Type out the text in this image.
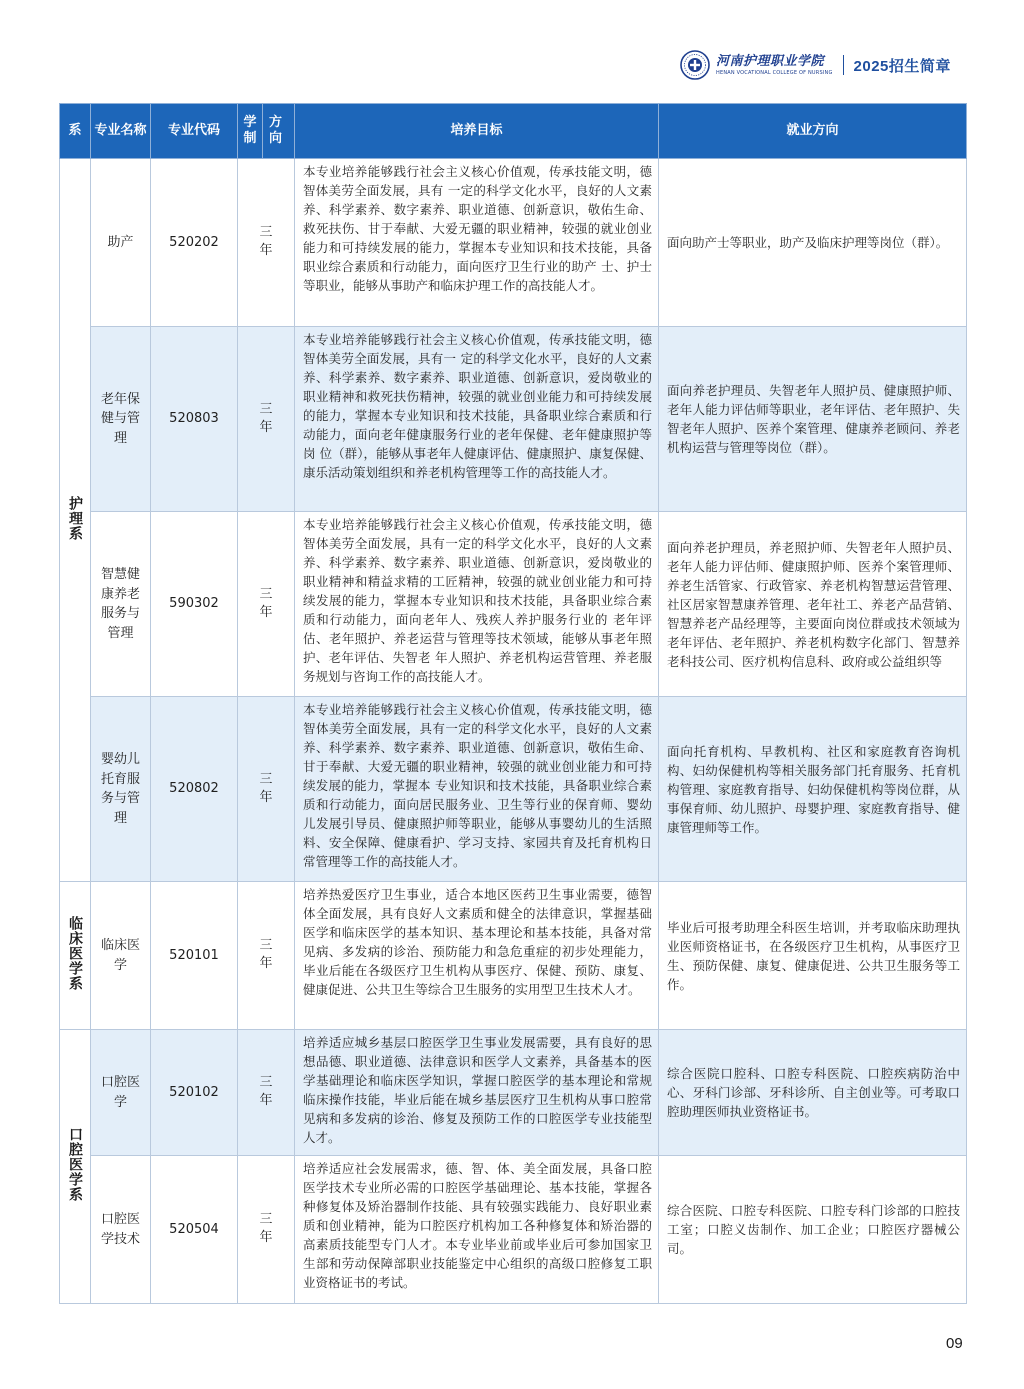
河南护理职业学院
HENAN VOCATIONAL COLLEGE OF NURSING 2025招生简章
系	专业名称	专业代码	学制	方向	培养目标	就业方向
护理系	助产	520202	三年		本专业培养能够践行社会主义核心价值观，传承技能文明，德智体美劳全面发展，具有 一定的科学文化水平，良好的人文素养、科学素养、数字素养、职业道德、创新意识，敬佑生命、救死扶伤、甘于奉献、大爱无疆的职业精神，较强的就业创业能力和可持续发展的能力，掌握本专业知识和技术技能，具备职业综合素质和行动能力，面向医疗卫生行业的助产 士、护士等职业，能够从事助产和临床护理工作的高技能人才。	面向助产士等职业，助产及临床护理等岗位（群）。
	老年保健与管理	520803	三年		本专业培养能够践行社会主义核心价值观，传承技能文明，德智体美劳全面发展，具有一 定的科学文化水平，良好的人文素养、科学素养、数字素养、职业道德、创新意识，爱岗敬业的职业精神和救死扶伤精神，较强的就业创业能力和可持续发展的能力，掌握本专业知识和技术技能，具备职业综合素质和行动能力，面向老年健康服务行业的老年保健、老年健康照护等岗 位（群），能够从事老年人健康评估、健康照护、康复保健、康乐活动策划组织和养老机构管理等工作的高技能人才。	面向养老护理员、失智老年人照护员、健康照护师、老年人能力评估师等职业，老年评估、老年照护、失智老年人照护、医养个案管理、健康养老顾问、养老机构运营与管理等岗位（群）。
	智慧健康养老服务与管理	590302	三年		本专业培养能够践行社会主义核心价值观，传承技能文明，德智体美劳全面发展，具有一定的科学文化水平，良好的人文素养、科学素养、数字素养、职业道德、创新意识，爱岗敬业的职业精神和精益求精的工匠精神，较强的就业创业能力和可持续发展的能力，掌握本专业知识和技术技能，具备职业综合素质和行动能力，面向老年人、残疾人养护服务行业的 老年评估、老年照护、养老运营与管理等技术领域，能够从事老年照护、老年评估、失智老 年人照护、养老机构运营管理、养老服务规划与咨询工作的高技能人才。	面向养老护理员，养老照护师、失智老年人照护员、老年人能力评估师、健康照护师、医养个案管理师、养老生活管家、行政管家、养老机构智慧运营管理、社区居家智慧康养管理、老年社工、养老产品营销、智慧养老产品经理等，主要面向岗位群或技术领域为老年评估、老年照护、养老机构数字化部门、智慧养老科技公司、医疗机构信息科、政府或公益组织等
	婴幼儿托育服务与管理	520802	三年		本专业培养能够践行社会主义核心价值观，传承技能文明，德智体美劳全面发展，具有一定的科学文化水平，良好的人文素养、科学素养、数字素养、职业道德、创新意识，敬佑生命、甘于奉献、大爱无疆的职业精神，较强的就业创业能力和可持续发展的能力，掌握本 专业知识和技术技能，具备职业综合素质和行动能力，面向居民服务业、卫生等行业的保育师、婴幼儿发展引导员、健康照护师等职业，能够从事婴幼儿的生活照料、安全保障、健康看护、学习支持、家园共育及托育机构日常管理等工作的高技能人才。	面向托育机构、早教机构、社区和家庭教育咨询机构、妇幼保健机构等相关服务部门托育服务、托育机构管理、家庭教育指导、妇幼保健机构等岗位群，从事保育师、幼儿照护、母婴护理、家庭教育指导、健康管理师等工作。
临床医学系	临床医学	520101	三年		培养热爱医疗卫生事业，适合本地区医药卫生事业需要，德智体全面发展，具有良好人文素质和健全的法律意识，掌握基础医学和临床医学的基本知识、基本理论和基本技能，具备对常见病、多发病的诊治、预防能力和急危重症的初步处理能力，毕业后能在各级医疗卫生机构从事医疗、保健、预防、康复、健康促进、公共卫生等综合卫生服务的实用型卫生技术人才。	毕业后可报考助理全科医生培训，并考取临床助理执业医师资格证书，在各级医疗卫生机构，从事医疗卫生、预防保健、康复、健康促进、公共卫生服务等工作。
口腔医学系	口腔医学	520102	三年		培养适应城乡基层口腔医学卫生事业发展需要，具有良好的思想品德、职业道德、法律意识和医学人文素养，具备基本的医学基础理论和临床医学知识，掌握口腔医学的基本理论和常规临床操作技能，毕业后能在城乡基层医疗卫生机构从事口腔常见病和多发病的诊治、修复及预防工作的口腔医学专业技能型人才。	综合医院口腔科、口腔专科医院、口腔疾病防治中心、牙科门诊部、牙科诊所、自主创业等。可考取口腔助理医师执业资格证书。
	口腔医学技术	520504	三年		培养适应社会发展需求，德、智、体、美全面发展，具备口腔医学技术专业所必需的口腔医学基础理论、基本技能，掌握各种修复体及矫治器制作技能、具有较强实践能力、良好职业素质和创业精神，能为口腔医疗机构加工各种修复体和矫治器的高素质技能型专门人才。本专业毕业前或毕业后可参加国家卫生部和劳动保障部职业技能鉴定中心组织的高级口腔修复工职业资格证书的考试。	综合医院、口腔专科医院、口腔专科门诊部的口腔技工室；口腔义齿制作、加工企业；口腔医疗器械公司。
09
